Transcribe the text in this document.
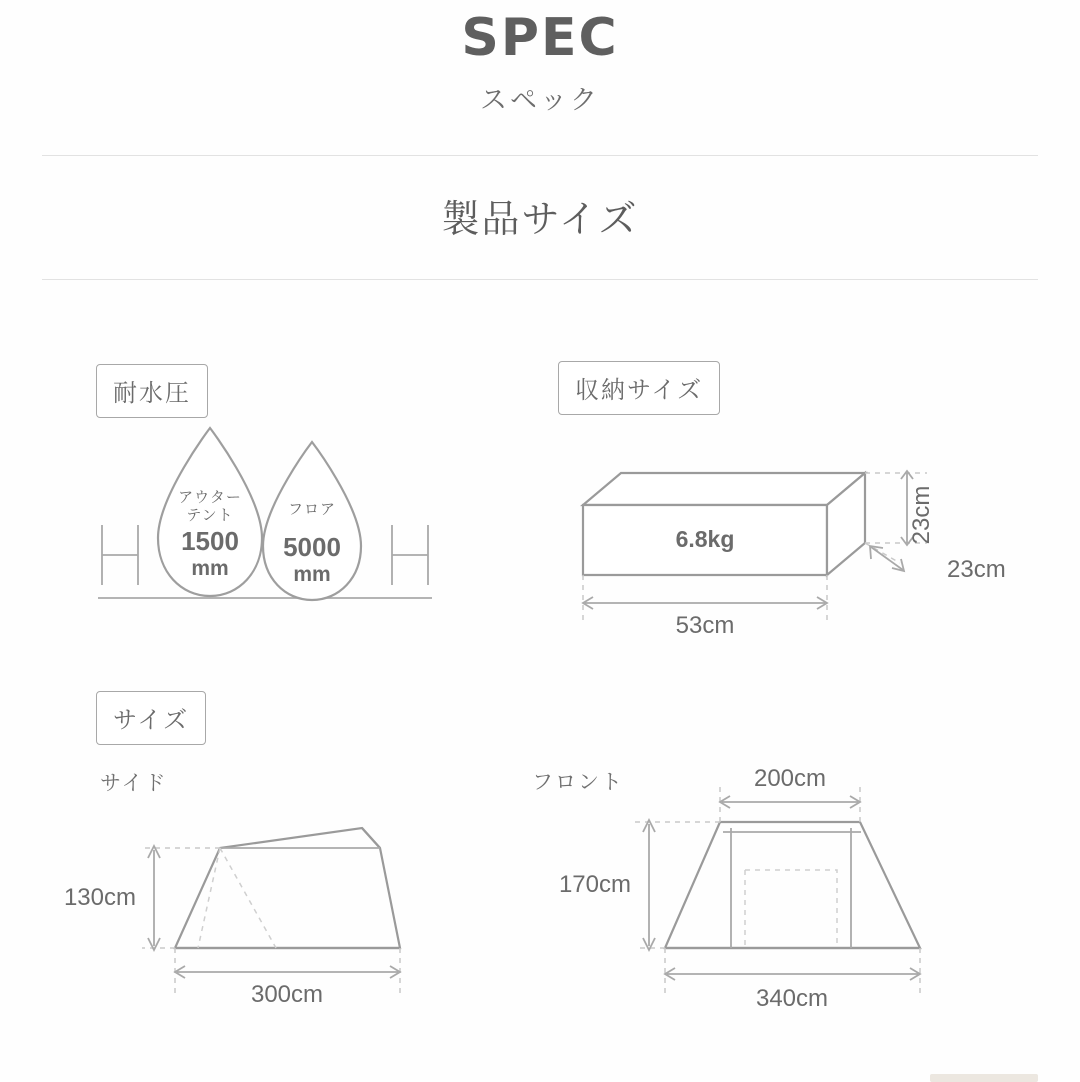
SPEC
スペック
製品サイズ
耐水圧
アウター
テント
1500
mm
フロア
5000
mm
収納サイズ
6.8kg	23cm
23cm
53cm
サイズ
サイド	フロント
130cm
300cm
200cm
170cm
340cm
